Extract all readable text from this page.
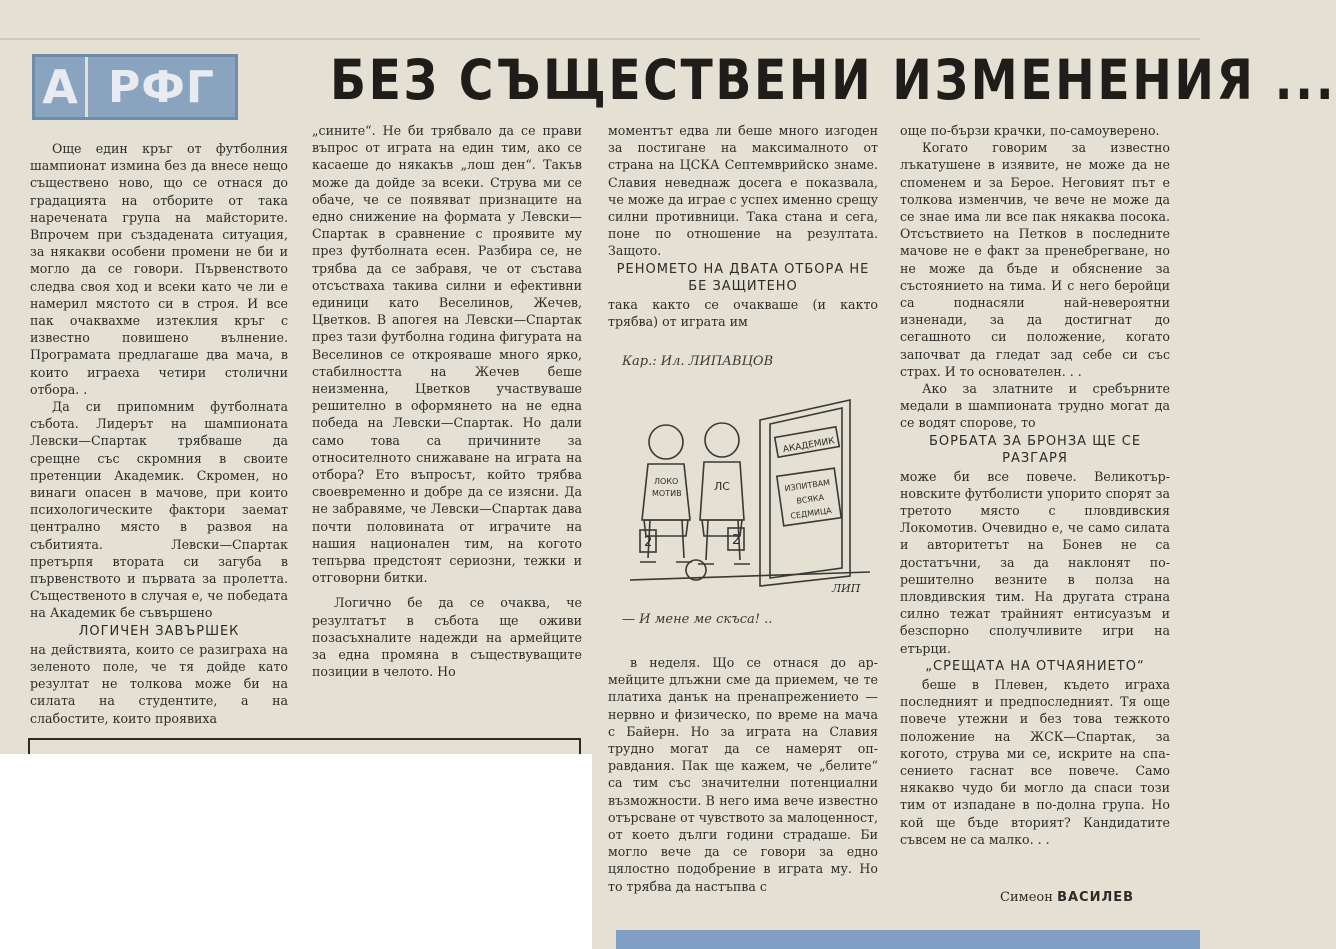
А РФГ	БЕЗ СЪЩЕСТВЕНИ ИЗМЕНЕНИЯ ...

Още един кръг от футболния шампионат измина без да внесе нещо съществено ново, що се отнася до градацията на отборите от така наречената група на майсторите. Впрочем при създадената ситуация, за някакви особени промени не би и могло да се говори. Първенството следва своя ход и всеки като че ли е намерил мястото си в строя. И все пак очаквахме изтеклия кръг с известно повишено вълнение. Програмата предлагаше два мача, в които играеха четири столични отбора. .

Да си припомним футболната събота. Лидерът на шампионата Левски—Спартак трябваше да срещне със скромния в своите претенции Академик. Скромен, но винаги опасен в мачове, при които психологическите фактори заемат централно място в развоя на събитията. Левски—Спартак претърпя втората си загуба в първенството и първата за пролетта. Същественото в случая е, че победата на Академик бе съвършено

ЛОГИЧЕН ЗАВЪРШЕК

на действията, които се разиграха на зеленото поле, че тя дойде като резултат не толкова може би на силата на студентите, а на слабостите, които проявиха

„сините“. Не би трябвало да се прави въпрос от играта на един тим, ако се касаеше до някакъв „лош ден“. Такъв може да дойде за всеки. Струва ми се обаче, че се появяват признаците на едно снижение на формата у Левски—Спартак в сравнение с проявите му през футболната есен. Разбира се, не трябва да се забравя, че от състава отсъстваха такива силни и ефективни единици като Веселинов, Жечев, Цветков. В апогея на Левски—Спартак през тази футболна година фигурата на Веселинов се открояваше много ярко, стабилността на Жечев беше неизменна, Цветков участвуваше решително в оформянето на не една победа на Левски—Спартак. Но дали само това са причините за относителното снижаване на играта на отбора? Ето въпросът, който трябва своевременно и добре да се изясни. Да не забравяме, че Левски—Спартак дава почти половината от играчите на нашия национален тим, на когото тепърва предстоят сериозни, тежки и отговорни битки.

Логично бе да се очаква, че резултатът в събота ще оживи позасъхналите надежди на армейците за една промяна в съществуващите позиции в челото. Но

моментът едва ли беше много изгоден за постигане на максималното от страна на ЦСКА Септемврийско знаме. Славия неведнаж досега е показвала, че може да играе с успех именно срещу силни противници. Така стана и сега, поне по отношение на резултата. Защото.

РЕНОМЕТО НА ДВАТА ОТБОРА НЕ БЕ ЗАЩИТЕНО

така както се очакваше (и както трябва) от играта им

Кар.: Ил. ЛИПАВЦОВ
АКАДЕМИК
ИЗПИТВАМ
ВСЯКА
СЕДМИЦА
ЛОКО
МОТИВ
ЛС
2	2
ЛИП
— И мене ме скъса! ..

в неделя. Що се отнася до армейците длъжни сме да приемем, че те платиха данък на пренапрежението — нервно и физическо, по време на мача с Байерн. Но за играта на Славия трудно могат да се намерят оправдания. Пак ще кажем, че „белите“ са тим със значителни потенциални възможности. В него има вече известно отърсване от чувството за малоценност, от което дълги години страдаше. Би могло вече да се говори за едно цялостно подобрение в играта му. Но то трябва да настъпва с

още по-бързи крачки, по-самоуверено.

Когато говорим за известно лъкатушене в изявите, не може да не споменем и за Берое. Неговият път е толкова изменчив, че вече не може да се знае има ли все пак някаква посока. Отсъствието на Петков в последните мачове не е факт за пренебрегване, но не може да бъде и обяснение за състоянието на тима. И с него беройци са поднасяли най-невероятни изненади, за да достигнат до сегашното си положение, когато започват да гледат зад себе си със страх. И то основателен. . .

Ако за златните и сребърните медали в шампионата трудно могат да се водят спорове, то

БОРБАТА ЗА БРОНЗА ЩЕ СЕ РАЗГАРЯ

може би все повече. Великотърновските футболисти упорито спорят за третото място с пловдивския Локомотив. Очевидно е, че само силата и авторитетът на Бонев не са достатъчни, за да наклонят по-решително везните в полза на пловдивския тим. На другата страна силно тежат трайният ентисуазъм и безспорно сполучливите игри на етърци.

„СРЕЩАТА НА ОТЧАЯНИЕТО“

беше в Плевен, където играха последният и предпоследният. Тя още повече утежни и без това тежкото положение на ЖСК—Спартак, за когото, струва ми се, искрите на спасението гаснат все повече. Само някакво чудо би могло да спаси този тим от изпадане в по-долна група. Но кой ще бъде вторият? Кандидатите съвсем не са малко. . .

Симеон ВАСИЛЕВ
